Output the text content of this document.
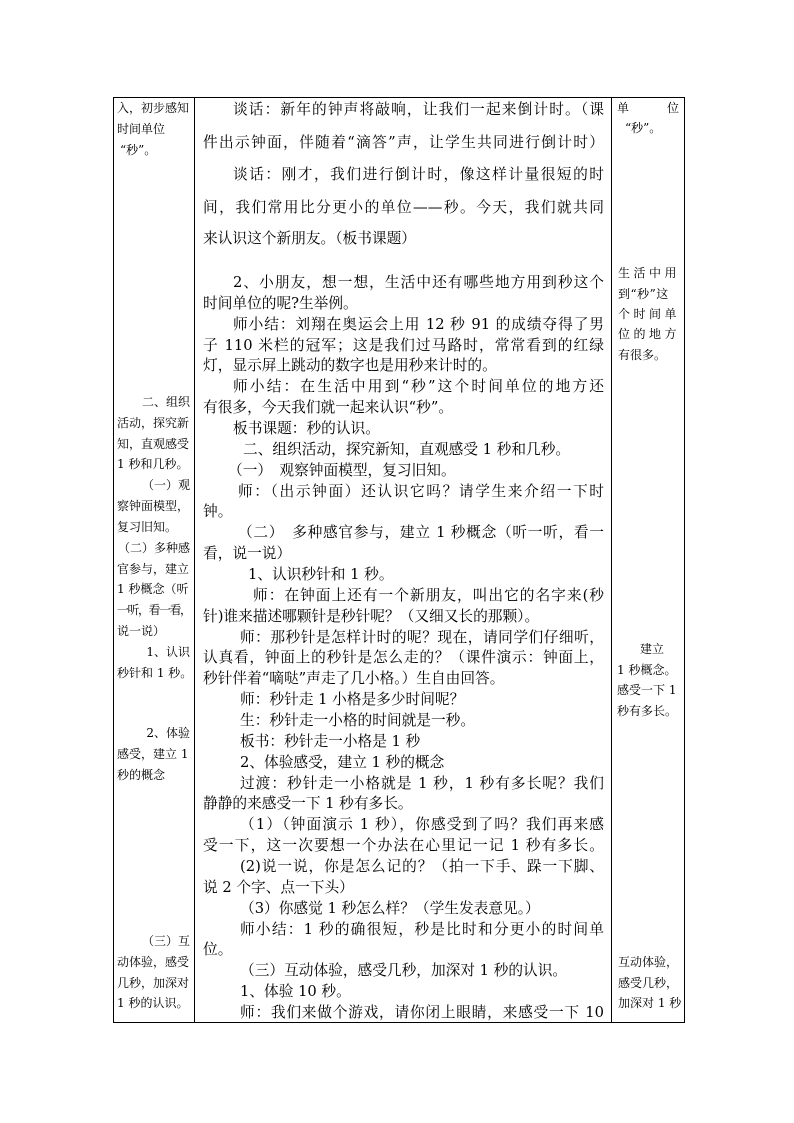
入，初步感知
时间单位
“秒”。
二、组织
活动，探究新
知，直观感受
1 秒和几秒。
（一）观
察钟面模型，
复习旧知。
（二）多种感
官参与，建立
1 秒概念（听
一听，看一看，
说一说）
1、认识
秒针和 1 秒。
2、体验
感受，建立 1
秒的概念
（三）互
动体验，感受
几秒，加深对
1 秒的认识。
谈话：新年的钟声将敲响，让我们一起来倒计时。（课
件出示钟面，伴随着“滴答”声，让学生共同进行倒计时）
谈话：刚才，我们进行倒计时，像这样计量很短的时
间，我们常用比分更小的单位——秒。今天，我们就共同
来认识这个新朋友。（板书课题）
2、小朋友，想一想，生活中还有哪些地方用到秒这个
时间单位的呢?生举例。
师小结：刘翔在奥运会上用 12 秒 91 的成绩夺得了男
子 110 米栏的冠军；这是我们过马路时，常常看到的红绿
灯，显示屏上跳动的数字也是用秒来计时的。
师小结：在生活中用到“秒”这个时间单位的地方还
有很多，今天我们就一起来认识“秒”。
板书课题：秒的认识。
二、组织活动，探究新知，直观感受 1 秒和几秒。
（一）　观察钟面模型，复习旧知。
师：（出示钟面）还认识它吗？请学生来介绍一下时
钟。
（二）　多种感官参与，建立 1 秒概念（听一听，看一
看，说一说）
1、认识秒针和 1 秒。
师：在钟面上还有一个新朋友，叫出它的名字来(秒
针)谁来描述哪颗针是秒针呢？（又细又长的那颗）。
师：那秒针是怎样计时的呢？现在，请同学们仔细听，
认真看，钟面上的秒针是怎么走的？（课件演示：钟面上，
秒针伴着“嘀哒”声走了几小格。）生自由回答。
师：秒针走 1 小格是多少时间呢？
生：秒针走一小格的时间就是一秒。
板书：秒针走一小格是 1 秒
2、体验感受，建立 1 秒的概念
过渡：秒针走一小格就是 1 秒，1 秒有多长呢？我们
静静的来感受一下 1 秒有多长。
（1）（钟面演示 1 秒），你感受到了吗？我们再来感
受一下，这一次要想一个办法在心里记一记 1 秒有多长。
(2)说一说，你是怎么记的？（拍一下手、跺一下脚、
说 2 个字、点一下头）
（3）你感觉 1 秒怎么样？（学生发表意见。）
师小结：1 秒的确很短，秒是比时和分更小的时间单
位。
（三）互动体验，感受几秒，加深对 1 秒的认识。
1、体验 10 秒。
师：我们来做个游戏，请你闭上眼睛，来感受一下 10
单	位
“秒”。
生活中用
到“秒”这
个时间单
位的地方
有很多。
建立
1 秒概念。
感受一下 1
秒有多长。
互动体验，
感受几秒，
加深对 1 秒
